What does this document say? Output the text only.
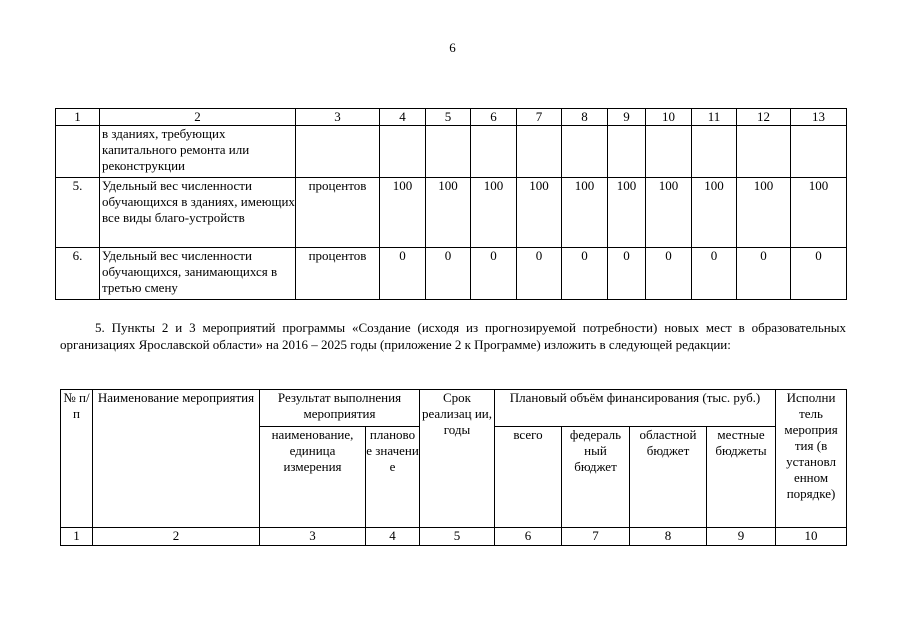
6
1	2	3	4	5	6	7	8	9	10	11	12	13
	в зданиях, требующих капитального ремонта или реконструкции											
5.	Удельный вес численности обучающихся в зданиях, имеющих все виды благо-устройств	процентов	100	100	100	100	100	100	100	100	100	100
6.	Удельный вес численности обучающихся, занимающихся в третью смену	процентов	0	0	0	0	0	0	0	0	0	0

5. Пункты 2 и 3 мероприятий программы «Создание (исходя из прогнозируемой потребности) новых мест в образовательных организациях Ярославской области» на 2016 – 2025 годы (приложение 2 к Программе) изложить в следующей редакции:

№ п/п	Наименование мероприятия	Результат выполнения мероприятия		Срок реализац ии, годы	Плановый объём финансирования (тыс. руб.)				Исполни тель мероприя тия (в установл енном порядке)
		наименование, единица измерения	планово е значени е		всего	федераль ный бюджет	областной бюджет	местные бюджеты	
1	2	3	4	5	6	7	8	9	10
